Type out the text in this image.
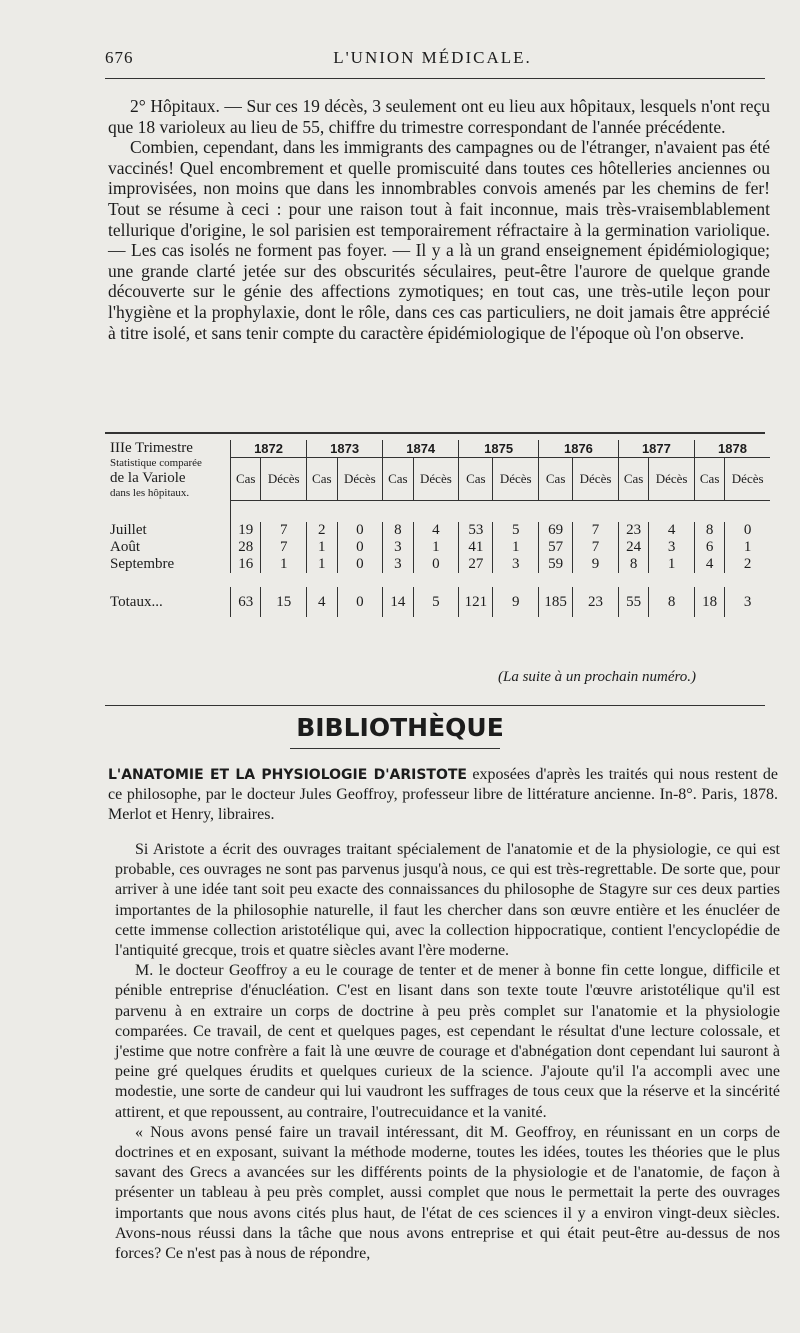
676	L'UNION MÉDICALE.

2° Hôpitaux. — Sur ces 19 décès, 3 seulement ont eu lieu aux hôpitaux, lesquels n'ont reçu que 18 varioleux au lieu de 55, chiffre du trimestre correspondant de l'année précédente.

Combien, cependant, dans les immigrants des campagnes ou de l'étranger, n'avaient pas été vaccinés! Quel encombrement et quelle promiscuité dans toutes ces hôtelleries anciennes ou improvisées, non moins que dans les innombrables convois amenés par les chemins de fer! Tout se résume à ceci : pour une raison tout à fait inconnue, mais très-vraisemblablement tellurique d'origine, le sol parisien est temporairement réfractaire à la germination variolique. — Les cas isolés ne forment pas foyer. — Il y a là un grand enseignement épidémiologique; une grande clarté jetée sur des obscurités séculaires, peut-être l'aurore de quelque grande découverte sur le génie des affections zymotiques; en tout cas, une très-utile leçon pour l'hygiène et la prophylaxie, dont le rôle, dans ces cas particuliers, ne doit jamais être apprécié à titre isolé, et sans tenir compte du caractère épidémiologique de l'époque où l'on observe.

IIIe Trimestre	1872		1873		1874		1875		1876		1877		1878	
Statistique comparée	Cas	Décès	Cas	Décès	Cas	Décès	Cas	Décès	Cas	Décès	Cas	Décès	Cas	Décès
de la Variole														
dans les hôpitaux.														

Juillet	19	7	2	0	8	4	53	5	69	7	23	4	8	0
Août	28	7	1	0	3	1	41	1	57	7	24	3	6	1
Septembre	16	1	1	0	3	0	27	3	59	9	8	1	4	2

Totaux...	63	15	4	0	14	5	121	9	185	23	55	8	18	3
(La suite à un prochain numéro.)
BIBLIOTHÈQUE
L'ANATOMIE ET LA PHYSIOLOGIE D'ARISTOTE exposées d'après les traités qui nous restent de ce philosophe, par le docteur Jules Geoffroy, professeur libre de littérature ancienne. In-8°. Paris, 1878. Merlot et Henry, libraires.

Si Aristote a écrit des ouvrages traitant spécialement de l'anatomie et de la physiologie, ce qui est probable, ces ouvrages ne sont pas parvenus jusqu'à nous, ce qui est très-regrettable. De sorte que, pour arriver à une idée tant soit peu exacte des connaissances du philosophe de Stagyre sur ces deux parties importantes de la philosophie naturelle, il faut les chercher dans son œuvre entière et les énucléer de cette immense collection aristotélique qui, avec la collection hippocratique, contient l'encyclopédie de l'antiquité grecque, trois et quatre siècles avant l'ère moderne.

M. le docteur Geoffroy a eu le courage de tenter et de mener à bonne fin cette longue, difficile et pénible entreprise d'énucléation. C'est en lisant dans son texte toute l'œuvre aristotélique qu'il est parvenu à en extraire un corps de doctrine à peu près complet sur l'anatomie et la physiologie comparées. Ce travail, de cent et quelques pages, est cependant le résultat d'une lecture colossale, et j'estime que notre confrère a fait là une œuvre de courage et d'abnégation dont cependant lui sauront à peine gré quelques érudits et quelques curieux de la science. J'ajoute qu'il l'a accompli avec une modestie, une sorte de candeur qui lui vaudront les suffrages de tous ceux que la réserve et la sincérité attirent, et que repoussent, au contraire, l'outrecuidance et la vanité.

« Nous avons pensé faire un travail intéressant, dit M. Geoffroy, en réunissant en un corps de doctrines et en exposant, suivant la méthode moderne, toutes les idées, toutes les théories que le plus savant des Grecs a avancées sur les différents points de la physiologie et de l'anatomie, de façon à présenter un tableau à peu près complet, aussi complet que nous le permettait la perte des ouvrages importants que nous avons cités plus haut, de l'état de ces sciences il y a environ vingt-deux siècles. Avons-nous réussi dans la tâche que nous avons entreprise et qui était peut-être au-dessus de nos forces? Ce n'est pas à nous de répondre,
